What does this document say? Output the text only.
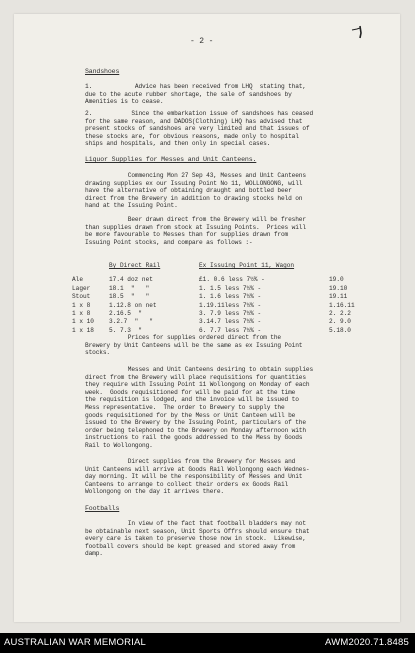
- 2 -
Sandshoes
1.            Advice has been received from LHQ  stating that,
due to the acute rubber shortage, the sale of sandshoes by
Amenities is to cease.
2.           Since the embarkation issue of sandshoes has ceased
for the same reason, and DADOS(Clothing) LHQ has advised that
present stocks of sandshoes are very limited and that issues of
these stocks are, for obvious reasons, made only to hospital
ships and hospitals, and then only in special cases.
Liquor Supplies for Messes and Unit Canteens.
Commencing Mon 27 Sep 43, Messes and Unit Canteens
drawing supplies ex our Issuing Point No 11, WOLLONGONG, will
have the alternative of obtaining draught and bottled beer
direct from the Brewery in addition to drawing stocks held on
hand at the Issuing Point.
Beer drawn direct from the Brewery will be fresher
than supplies drawn from stock at Issuing Points.  Prices will
be more favourable to Messes than for supplies drawn from
Issuing Point stocks, and compare as follows :-
By Direct Rail	Ex Issuing Point 11, Wagon
Ale	17.4 doz net	£1. 0.6 less 7½% -	19.0
Lager	18.1  "   "	1. 1.5 less 7½% -	19.10
Stout	18.5  "   "	1. 1.6 less 7½% -	19.11
1 x 8	1.12.8 on net	1.19.11less 7½% -	1.16.11
1 x 8	2.16.5  "	3. 7.9 less 7½% -	2. 2.2
1 x 10 3.2.7  "   "	3.14.7 less 7½% -	2. 9.0
1 x 18 5. 7.3  "	6. 7.7 less 7½% -	5.18.0
Prices for supplies ordered direct from the
Brewery by Unit Canteens will be the same as ex Issuing Point
stocks.
Messes and Unit Canteens desiring to obtain supplies
direct from the Brewery will place requisitions for quantities
they require with Issuing Point 11 Wollongong on Monday of each
week.  Goods requisitioned for will be paid for at the time
the requisition is lodged, and the invoice will be issued to
Mess representative.  The order to Brewery to supply the
goods requisitioned for by the Mess or Unit Canteen will be
issued to the Brewery by the Issuing Point, particulars of the
order being telephoned to the Brewery on Monday afternoon with
instructions to rail the goods addressed to the Mess by Goods
Rail to Wollongong.
Direct supplies from the Brewery for Messes and
Unit Canteens will arrive at Goods Rail Wollongong each Wednes-
day morning. It will be the responsibility of Messes and Unit
Canteens to arrange to collect their orders ex Goods Rail
Wollongong on the day it arrives there.
Footballs
In view of the fact that football bladders may not
be obtainable next season, Unit Sports Offrs should ensure that
every care is taken to preserve those now in stock.  Likewise,
football covers should be kept greased and stored away from
damp.
AUSTRALIAN WAR MEMORIAL	AWM2020.71.8485
